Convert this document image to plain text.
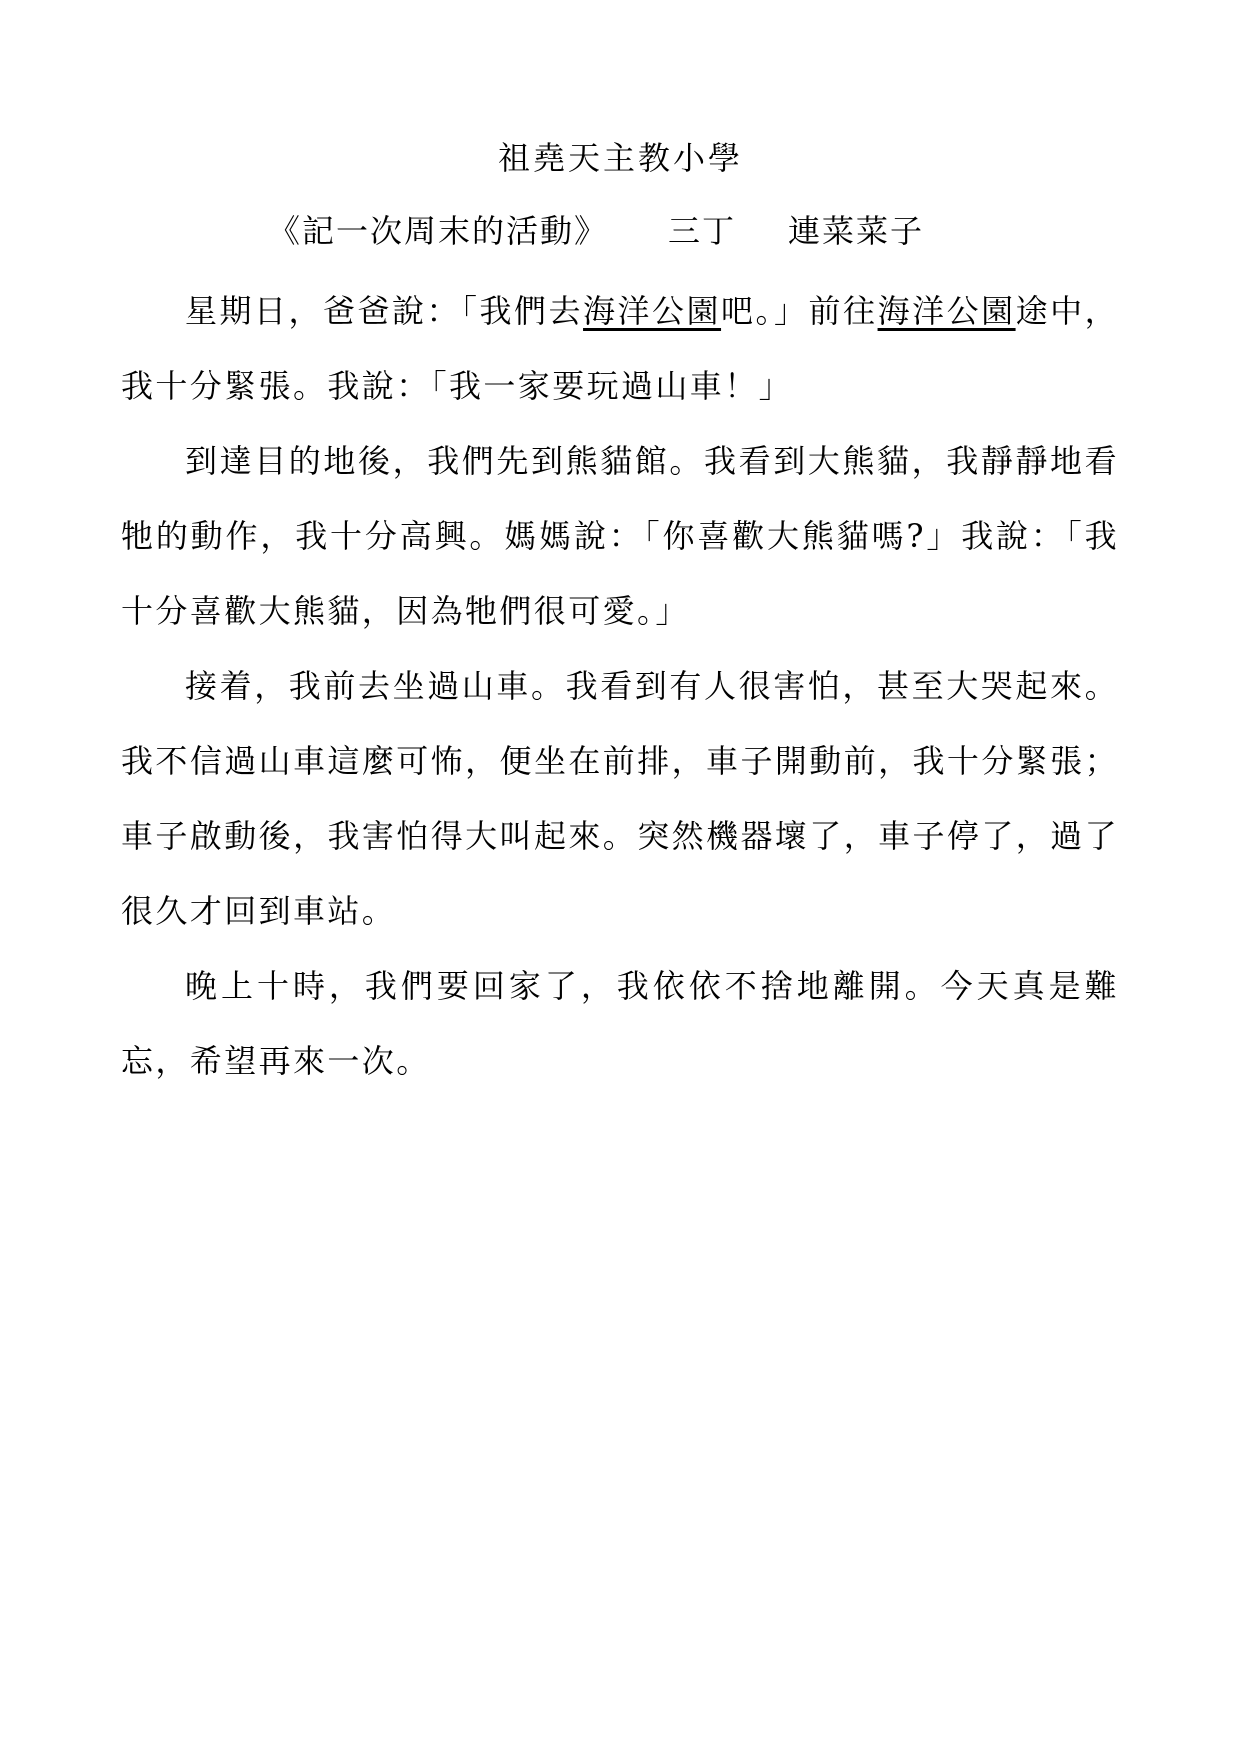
祖堯天主教小學
《記一次周末的活動》 三丁 連菜菜子

星期日，爸爸說：「我們去海洋公園吧。」前往海洋公園途中，我十分緊張。我說：「我一家要玩過山車！」

到達目的地後，我們先到熊貓館。我看到大熊貓，我靜靜地看牠的動作，我十分高興。媽媽說：「你喜歡大熊貓嗎?」我說：「我十分喜歡大熊貓，因為牠們很可愛。」

接着，我前去坐過山車。我看到有人很害怕，甚至大哭起來。我不信過山車這麼可怖，便坐在前排，車子開動前，我十分緊張；車子啟動後，我害怕得大叫起來。突然機器壞了，車子停了，過了很久才回到車站。

晚上十時，我們要回家了，我依依不捨地離開。今天真是難忘，希望再來一次。
